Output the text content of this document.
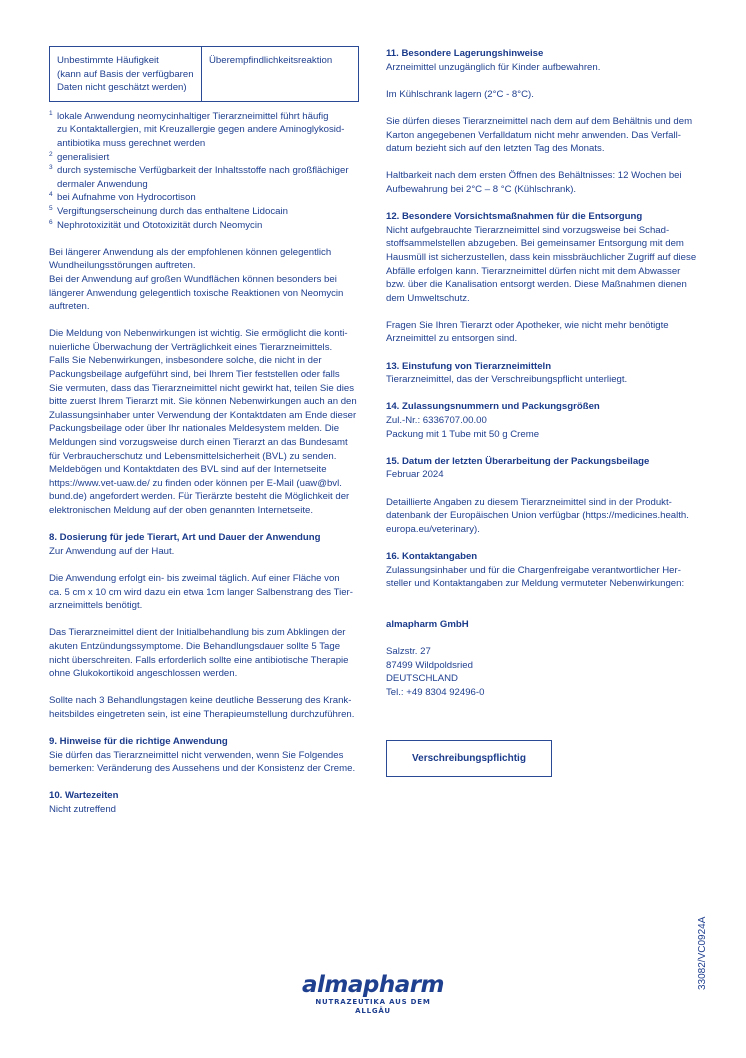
Unbestimmte Häufigkeit
(kann auf Basis der verfügbaren
Daten nicht geschätzt werden)
Überempfindlichkeitsreaktion
1 lokale Anwendung neomycinhaltiger Tierarzneimittel führt häufig
zu Kontaktallergien, mit Kreuzallergie gegen andere Aminoglykosid-
antibiotika muss gerechnet werden
2 generalisiert
3 durch systemische Verfügbarkeit der Inhaltsstoffe nach großflächiger
dermaler Anwendung
4 bei Aufnahme von Hydrocortison
5 Vergiftungserscheinung durch das enthaltene Lidocain
6 Nephrotoxizität und Ototoxizität durch Neomycin

Bei längerer Anwendung als der empfohlenen können gelegentlich
Wundheilungsstörungen auftreten.
Bei der Anwendung auf großen Wundflächen können besonders bei
längerer Anwendung gelegentlich toxische Reaktionen von Neomycin
auftreten.

Die Meldung von Nebenwirkungen ist wichtig. Sie ermöglicht die konti-
nuierliche Überwachung der Verträglichkeit eines Tierarzneimittels.
Falls Sie Nebenwirkungen, insbesondere solche, die nicht in der
Packungsbeilage aufgeführt sind, bei Ihrem Tier feststellen oder falls
Sie vermuten, dass das Tierarzneimittel nicht gewirkt hat, teilen Sie dies
bitte zuerst Ihrem Tierarzt mit. Sie können Nebenwirkungen auch an den
Zulassungsinhaber unter Verwendung der Kontaktdaten am Ende dieser
Packungsbeilage oder über Ihr nationales Meldesystem melden. Die
Meldungen sind vorzugsweise durch einen Tierarzt an das Bundesamt
für Verbraucherschutz und Lebensmittelsicherheit (BVL) zu senden.
Meldebögen und Kontaktdaten des BVL sind auf der Internetseite
https://www.vet-uaw.de/ zu finden oder können per E-Mail (uaw@bvl.
bund.de) angefordert werden. Für Tierärzte besteht die Möglichkeit der
elektronischen Meldung auf der oben genannten Internetseite.

8. Dosierung für jede Tierart, Art und Dauer der Anwendung

Zur Anwendung auf der Haut.

Die Anwendung erfolgt ein- bis zweimal täglich. Auf einer Fläche von
ca. 5 cm x 10 cm wird dazu ein etwa 1cm langer Salbenstrang des Tier-
arzneimittels benötigt.

Das Tierarzneimittel dient der Initialbehandlung bis zum Abklingen der
akuten Entzündungssymptome. Die Behandlungsdauer sollte 5 Tage
nicht überschreiten. Falls erforderlich sollte eine antibiotische Therapie
ohne Glukokortikoid angeschlossen werden.

Sollte nach 3 Behandlungstagen keine deutliche Besserung des Krank-
heitsbildes eingetreten sein, ist eine Therapieumstellung durchzuführen.

9. Hinweise für die richtige Anwendung
Sie dürfen das Tierarzneimittel nicht verwenden, wenn Sie Folgendes
bemerken: Veränderung des Aussehens und der Konsistenz der Creme.
10. Wartezeiten
Nicht zutreffend
11. Besondere Lagerungshinweise

Arzneimittel unzugänglich für Kinder aufbewahren.

Im Kühlschrank lagern (2°C - 8°C).

Sie dürfen dieses Tierarzneimittel nach dem auf dem Behältnis und dem
Karton angegebenen Verfalldatum nicht mehr anwenden. Das Verfall-
datum bezieht sich auf den letzten Tag des Monats.

Haltbarkeit nach dem ersten Öffnen des Behältnisses: 12 Wochen bei
Aufbewahrung bei 2°C – 8 °C (Kühlschrank).

12. Besondere Vorsichtsmaßnahmen für die Entsorgung

Nicht aufgebrauchte Tierarzneimittel sind vorzugsweise bei Schad-
stoffsammelstellen abzugeben. Bei gemeinsamer Entsorgung mit dem
Hausmüll ist sicherzustellen, dass kein missbräuchlicher Zugriff auf diese
Abfälle erfolgen kann. Tierarzneimittel dürfen nicht mit dem Abwasser
bzw. über die Kanalisation entsorgt werden. Diese Maßnahmen dienen
dem Umweltschutz.

Fragen Sie Ihren Tierarzt oder Apotheker, wie nicht mehr benötigte
Arzneimittel zu entsorgen sind.

13. Einstufung von Tierarzneimitteln
Tierarzneimittel, das der Verschreibungspflicht unterliegt.
14. Zulassungsnummern und Packungsgrößen
Zul.-Nr.: 6336707.00.00
Packung mit 1 Tube mit 50 g Creme
15. Datum der letzten Überarbeitung der Packungsbeilage

Februar 2024

Detaillierte Angaben zu diesem Tierarzneimittel sind in der Produkt-
datenbank der Europäischen Union verfügbar (https://medicines.health.
europa.eu/veterinary).

16. Kontaktangaben

Zulassungsinhaber und für die Chargenfreigabe verantwortlicher Her-
steller und Kontaktangaben zur Meldung vermuteter Nebenwirkungen:

almapharm GmbH

Salzstr. 27
87499 Wildpoldsried
DEUTSCHLAND
Tel.: +49 8304 92496-0

Verschreibungspflichtig
33082/VC0924A
almapharm
NUTRAZEUTIKA AUS DEM ALLGÄU
